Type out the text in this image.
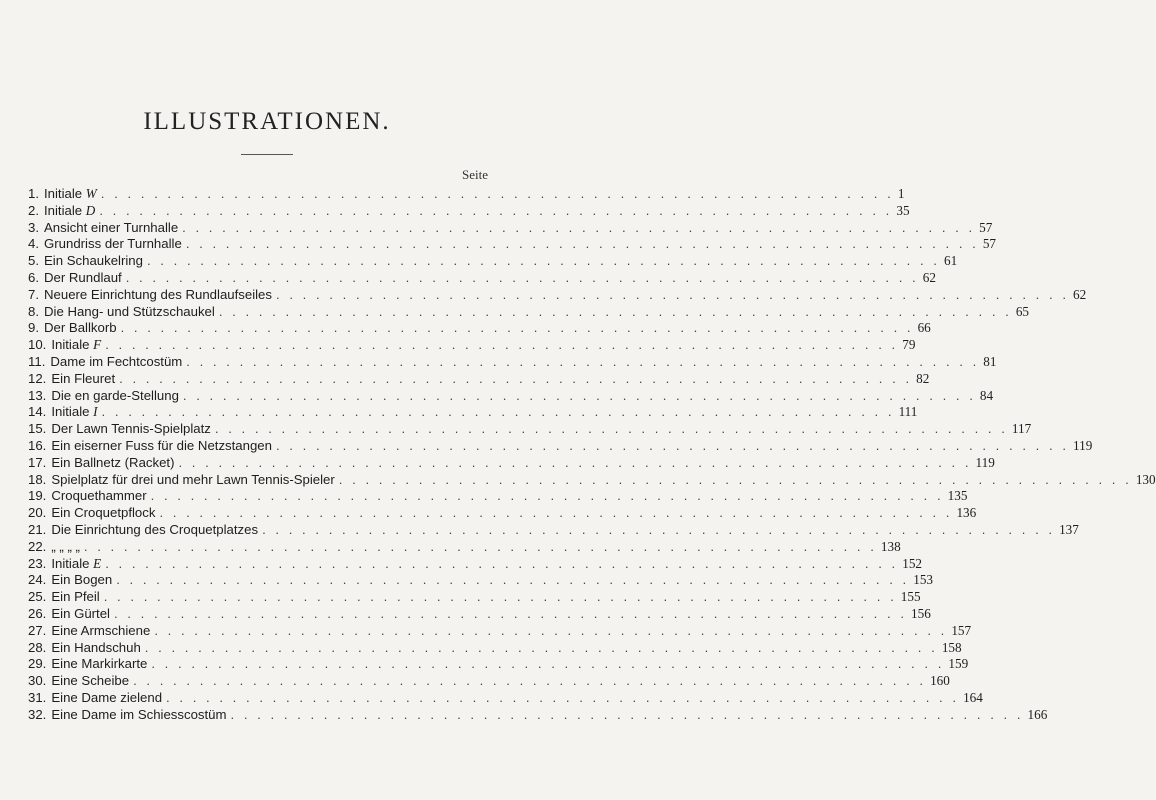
ILLUSTRATIONEN.
Seite
1. Initiale W . . . . . . . . . . . . . . . . . . . . . . . . . . . . . . . . . . . . . . . . . . . . . . . . . . . . . . . . . . . . 1
2. Initiale D . . . . . . . . . . . . . . . . . . . . . . . . . . . . . . . . . . . . . . . . . . . . . . . . . . . . . . . . . . . . 35
3. Ansicht einer Turnhalle . . . . . . . . . . . . . . . . . . . . . . . . . . . . . . . . . . . . . . . . . . . . . . . . . . . . . . . . . . . . 57
4. Grundriss der Turnhalle . . . . . . . . . . . . . . . . . . . . . . . . . . . . . . . . . . . . . . . . . . . . . . . . . . . . . . . . . . . . 57
5. Ein Schaukelring . . . . . . . . . . . . . . . . . . . . . . . . . . . . . . . . . . . . . . . . . . . . . . . . . . . . . . . . . . . . 61
6. Der Rundlauf . . . . . . . . . . . . . . . . . . . . . . . . . . . . . . . . . . . . . . . . . . . . . . . . . . . . . . . . . . . . 62
7. Neuere Einrichtung des Rundlaufseiles . . . . . . . . . . . . . . . . . . . . . . . . . . . . . . . . . . . . . . . . . . . . . . . . . . . . . . . . . . . . 62
8. Die Hang- und Stützschaukel . . . . . . . . . . . . . . . . . . . . . . . . . . . . . . . . . . . . . . . . . . . . . . . . . . . . . . . . . . . . 65
9. Der Ballkorb . . . . . . . . . . . . . . . . . . . . . . . . . . . . . . . . . . . . . . . . . . . . . . . . . . . . . . . . . . . . 66
10. Initiale F . . . . . . . . . . . . . . . . . . . . . . . . . . . . . . . . . . . . . . . . . . . . . . . . . . . . . . . . . . . . 79
11. Dame im Fechtcostüm . . . . . . . . . . . . . . . . . . . . . . . . . . . . . . . . . . . . . . . . . . . . . . . . . . . . . . . . . . . . 81
12. Ein Fleuret . . . . . . . . . . . . . . . . . . . . . . . . . . . . . . . . . . . . . . . . . . . . . . . . . . . . . . . . . . . . 82
13. Die en garde-Stellung . . . . . . . . . . . . . . . . . . . . . . . . . . . . . . . . . . . . . . . . . . . . . . . . . . . . . . . . . . . . 84
14. Initiale I . . . . . . . . . . . . . . . . . . . . . . . . . . . . . . . . . . . . . . . . . . . . . . . . . . . . . . . . . . . . 111
15. Der Lawn Tennis-Spielplatz . . . . . . . . . . . . . . . . . . . . . . . . . . . . . . . . . . . . . . . . . . . . . . . . . . . . . . . . . . . . 117
16. Ein eiserner Fuss für die Netzstangen . . . . . . . . . . . . . . . . . . . . . . . . . . . . . . . . . . . . . . . . . . . . . . . . . . . . . . . . . . . . 119
17. Ein Ballnetz (Racket) . . . . . . . . . . . . . . . . . . . . . . . . . . . . . . . . . . . . . . . . . . . . . . . . . . . . . . . . . . . . 119
18. Spielplatz für drei und mehr Lawn Tennis-Spieler . . . . . . . . . . . . . . . . . . . . . . . . . . . . . . . . . . . . . . . . . . . . . . . . . . . . . . . . . . . . 130
19. Croquethammer . . . . . . . . . . . . . . . . . . . . . . . . . . . . . . . . . . . . . . . . . . . . . . . . . . . . . . . . . . . . 135
20. Ein Croquetpflock . . . . . . . . . . . . . . . . . . . . . . . . . . . . . . . . . . . . . . . . . . . . . . . . . . . . . . . . . . . . 136
21. Die Einrichtung des Croquetplatzes . . . . . . . . . . . . . . . . . . . . . . . . . . . . . . . . . . . . . . . . . . . . . . . . . . . . . . . . . . . . 137
22. „ „ „ „ . . . . . . . . . . . . . . . . . . . . . . . . . . . . . . . . . . . . . . . . . . . . . . . . . . . . . . . . . . . . 138
23. Initiale E . . . . . . . . . . . . . . . . . . . . . . . . . . . . . . . . . . . . . . . . . . . . . . . . . . . . . . . . . . . . 152
24. Ein Bogen . . . . . . . . . . . . . . . . . . . . . . . . . . . . . . . . . . . . . . . . . . . . . . . . . . . . . . . . . . . . 153
25. Ein Pfeil . . . . . . . . . . . . . . . . . . . . . . . . . . . . . . . . . . . . . . . . . . . . . . . . . . . . . . . . . . . . 155
26. Ein Gürtel . . . . . . . . . . . . . . . . . . . . . . . . . . . . . . . . . . . . . . . . . . . . . . . . . . . . . . . . . . . . 156
27. Eine Armschiene . . . . . . . . . . . . . . . . . . . . . . . . . . . . . . . . . . . . . . . . . . . . . . . . . . . . . . . . . . . . 157
28. Ein Handschuh . . . . . . . . . . . . . . . . . . . . . . . . . . . . . . . . . . . . . . . . . . . . . . . . . . . . . . . . . . . . 158
29. Eine Markirkarte . . . . . . . . . . . . . . . . . . . . . . . . . . . . . . . . . . . . . . . . . . . . . . . . . . . . . . . . . . . . 159
30. Eine Scheibe . . . . . . . . . . . . . . . . . . . . . . . . . . . . . . . . . . . . . . . . . . . . . . . . . . . . . . . . . . . . 160
31. Eine Dame zielend . . . . . . . . . . . . . . . . . . . . . . . . . . . . . . . . . . . . . . . . . . . . . . . . . . . . . . . . . . . . 164
32. Eine Dame im Schiesscostüm . . . . . . . . . . . . . . . . . . . . . . . . . . . . . . . . . . . . . . . . . . . . . . . . . . . . . . . . . . . . 166
